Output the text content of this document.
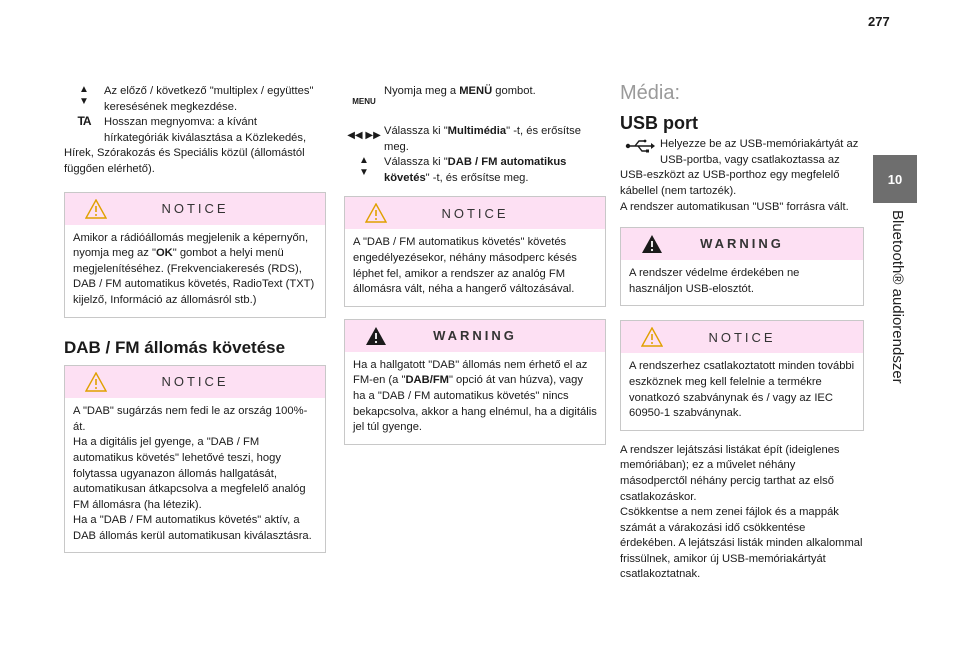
277
10
Bluetooth® audiorendszer
▲
▼
Az előző / következő "multiplex / együttes" keresésének megkezdése.
TA	Hosszan megnyomva: a kívánt
hírkategóriák kiválasztása a Közlekedés,
Hírek, Szórakozás és Speciális közül (állomástól függően elérhető).
NOTICE
Amikor a rádióállomás megjelenik a képernyőn, nyomja meg az "OK" gombot a helyi menü megjelenítéséhez. (Frekvenciakeresés (RDS), DAB / FM automatikus követés, RadioText (TXT) kijelző, Információ az állomásról stb.)
DAB / FM állomás követése
NOTICE
A "DAB" sugárzás nem fedi le az ország 100%-át.
Ha a digitális jel gyenge, a "DAB / FM automatikus követés" lehetővé teszi, hogy folytassa ugyanazon állomás hallgatását, automatikusan átkapcsolva a megfelelő analóg FM állomásra (ha létezik).
Ha a "DAB / FM automatikus követés" aktív, a DAB állomás kerül automatikusan kiválasztásra.
MENU
Nyomja meg a MENÜ gombot.
◀◀ ▶▶ Válassza ki "Multimédia" -t, és erősítse meg.
▲
▼
Válassza ki "DAB / FM automatikus követés" -t, és erősítse meg.
NOTICE
A "DAB / FM automatikus követés" követés engedélyezésekor, néhány másodperc késés léphet fel, amikor a rendszer az analóg FM állomásra vált, néha a hangerő változásával.
WARNING
Ha a hallgatott "DAB" állomás nem érhető el az FM-en (a "DAB/FM" opció át van húzva), vagy ha a "DAB / FM automatikus követés" nincs bekapcsolva, akkor a hang elnémul, ha a digitális jel túl gyenge.
Média:
USB port
Helyezze be az USB-memóriakártyát az
USB-portba, vagy csatlakoztassa az
USB-eszközt az USB-porthoz egy megfelelő kábellel (nem tartozék).
A rendszer automatikusan "USB" forrásra vált.
WARNING
A rendszer védelme érdekében ne használjon USB-elosztót.
NOTICE
A rendszerhez csatlakoztatott minden további eszköznek meg kell felelnie a termékre vonatkozó szabványnak és / vagy az IEC 60950-1 szabványnak.
A rendszer lejátszási listákat épít (ideiglenes memóriában); ez a művelet néhány másodperctől néhány percig tarthat az első csatlakozáskor.
Csökkentse a nem zenei fájlok és a mappák számát a várakozási idő csökkentése érdekében. A lejátszási listák minden alkalommal frissülnek, amikor új USB-memóriakártyát csatlakoztatnak.
